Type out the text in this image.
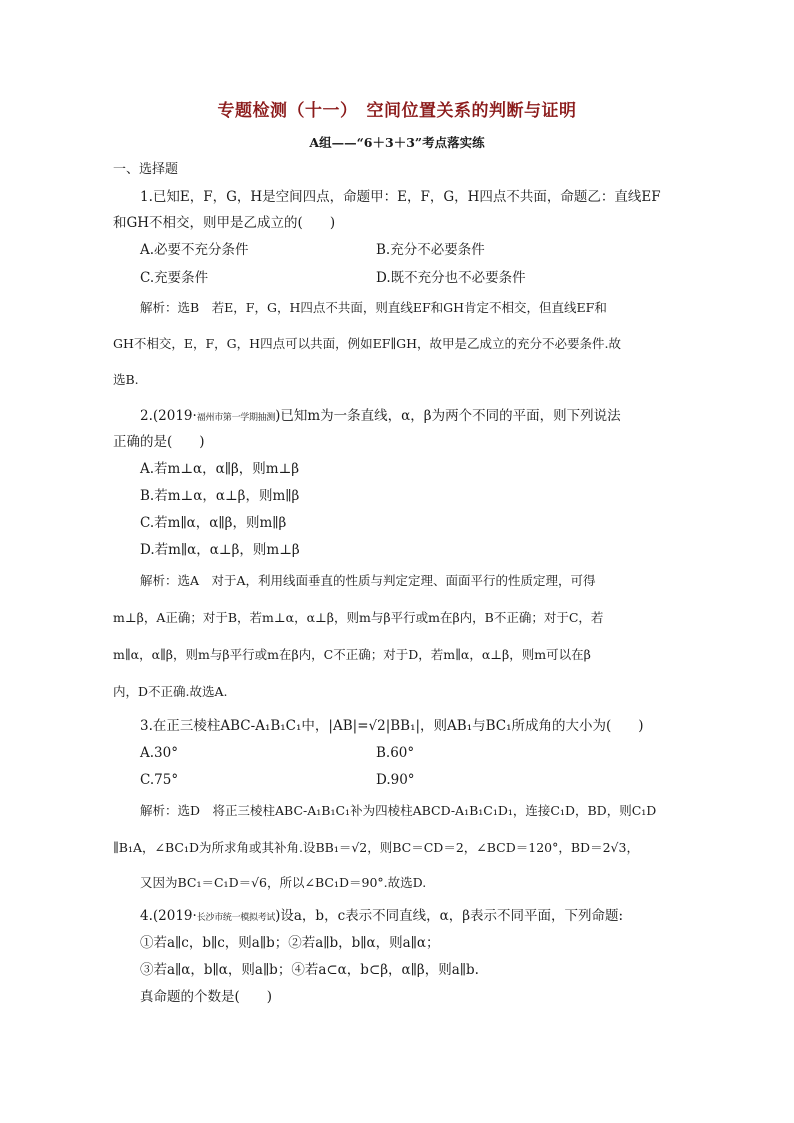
专题检测（十一）　空间位置关系的判断与证明
A组——“6＋3＋3”考点落实练
一、选择题
1.已知E，F，G，H是空间四点，命题甲：E，F，G，H四点不共面，命题乙：直线EF
和GH不相交，则甲是乙成立的(　　)
A.必要不充分条件	B.充分不必要条件
C.充要条件	D.既不充分也不必要条件
解析：选B　若E，F，G，H四点不共面，则直线EF和GH肯定不相交，但直线EF和
GH不相交，E，F，G，H四点可以共面，例如EF∥GH，故甲是乙成立的充分不必要条件.故
选B.
2.(2019·福州市第一学期抽测)已知m为一条直线，α，β为两个不同的平面，则下列说法
正确的是(　　)
A.若m⊥α，α∥β，则m⊥β
B.若m⊥α，α⊥β，则m∥β
C.若m∥α，α∥β，则m∥β
D.若m∥α，α⊥β，则m⊥β
解析：选A　对于A，利用线面垂直的性质与判定定理、面面平行的性质定理，可得
m⊥β，A正确；对于B，若m⊥α，α⊥β，则m与β平行或m在β内，B不正确；对于C，若
m∥α，α∥β，则m与β平行或m在β内，C不正确；对于D，若m∥α，α⊥β，则m可以在β
内，D不正确.故选A.
3.在正三棱柱ABC-A₁B₁C₁中，|AB|=√2|BB₁|，则AB₁与BC₁所成角的大小为(　　)
A.30°	B.60°
C.75°	D.90°
解析：选D　将正三棱柱ABC-A₁B₁C₁补为四棱柱ABCD-A₁B₁C₁D₁，连接C₁D，BD，则C₁D
∥B₁A，∠BC₁D为所求角或其补角.设BB₁＝√2，则BC＝CD＝2，∠BCD＝120°，BD＝2√3，
又因为BC₁＝C₁D＝√6，所以∠BC₁D＝90°.故选D.
4.(2019·长沙市统一模拟考试)设a，b，c表示不同直线，α，β表示不同平面，下列命题:
①若a∥c，b∥c，则a∥b；②若a∥b，b∥α，则a∥α；
③若a∥α，b∥α，则a∥b；④若a⊂α，b⊂β，α∥β，则a∥b.
真命题的个数是(　　)
